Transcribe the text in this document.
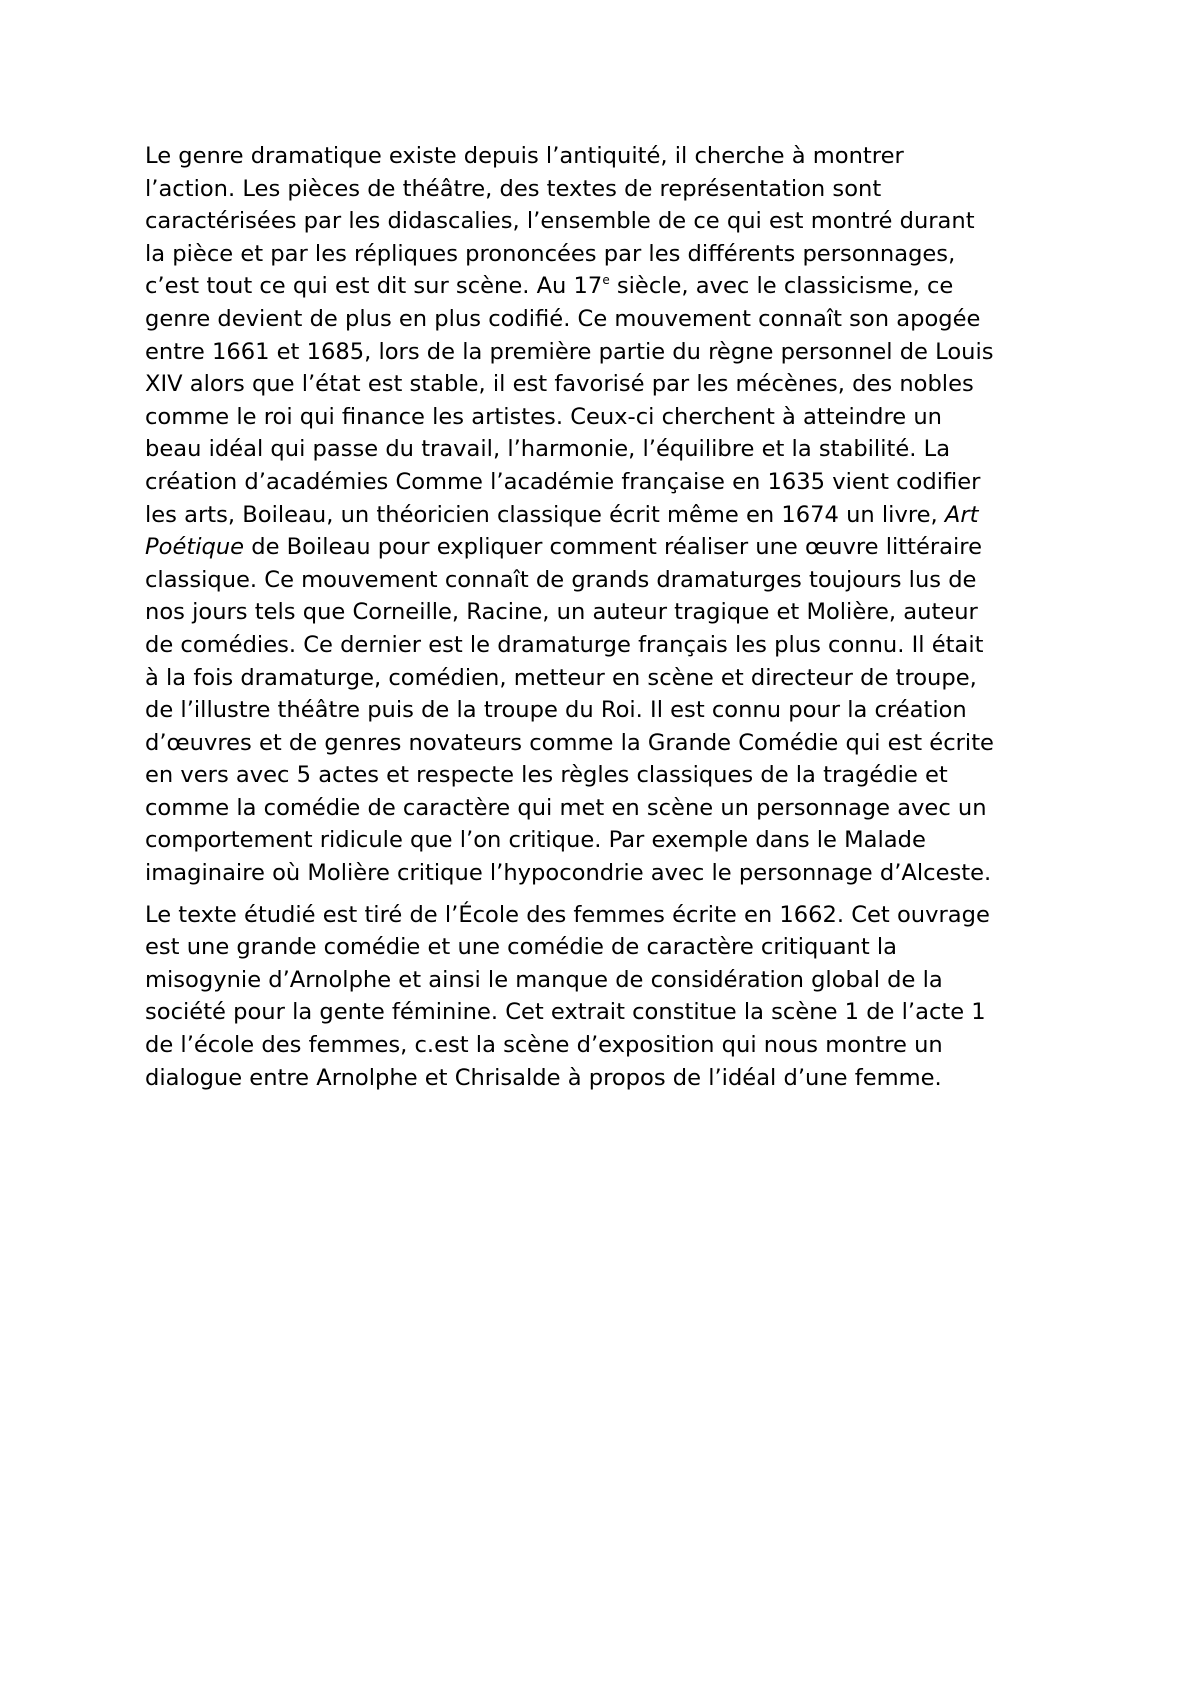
Le genre dramatique existe depuis l’antiquité, il cherche à montrer
l’action. Les pièces de théâtre, des textes de représentation sont
caractérisées par les didascalies, l’ensemble de ce qui est montré durant
la pièce et par les répliques prononcées par les différents personnages,
c’est tout ce qui est dit sur scène. Au 17e siècle, avec le classicisme, ce
genre devient de plus en plus codifié. Ce mouvement connaît son apogée
entre 1661 et 1685, lors de la première partie du règne personnel de Louis
XIV alors que l’état est stable, il est favorisé par les mécènes, des nobles
comme le roi qui finance les artistes. Ceux-ci cherchent à atteindre un
beau idéal qui passe du travail, l’harmonie, l’équilibre et la stabilité. La
création d’académies Comme l’académie française en 1635 vient codifier
les arts, Boileau, un théoricien classique écrit même en 1674 un livre, Art
Poétique de Boileau pour expliquer comment réaliser une œuvre littéraire
classique. Ce mouvement connaît de grands dramaturges toujours lus de
nos jours tels que Corneille, Racine, un auteur tragique et Molière, auteur
de comédies. Ce dernier est le dramaturge français les plus connu. Il était
à la fois dramaturge, comédien, metteur en scène et directeur de troupe,
de l’illustre théâtre puis de la troupe du Roi. Il est connu pour la création
d’œuvres et de genres novateurs comme la Grande Comédie qui est écrite
en vers avec 5 actes et respecte les règles classiques de la tragédie et
comme la comédie de caractère qui met en scène un personnage avec un
comportement ridicule que l’on critique. Par exemple dans le Malade
imaginaire où Molière critique l’hypocondrie avec le personnage d’Alceste.

Le texte étudié est tiré de l’École des femmes écrite en 1662. Cet ouvrage
est une grande comédie et une comédie de caractère critiquant la
misogynie d’Arnolphe et ainsi le manque de considération global de la
société pour la gente féminine. Cet extrait constitue la scène 1 de l’acte 1
de l’école des femmes, c.est la scène d’exposition qui nous montre un
dialogue entre Arnolphe et Chrisalde à propos de l’idéal d’une femme.
